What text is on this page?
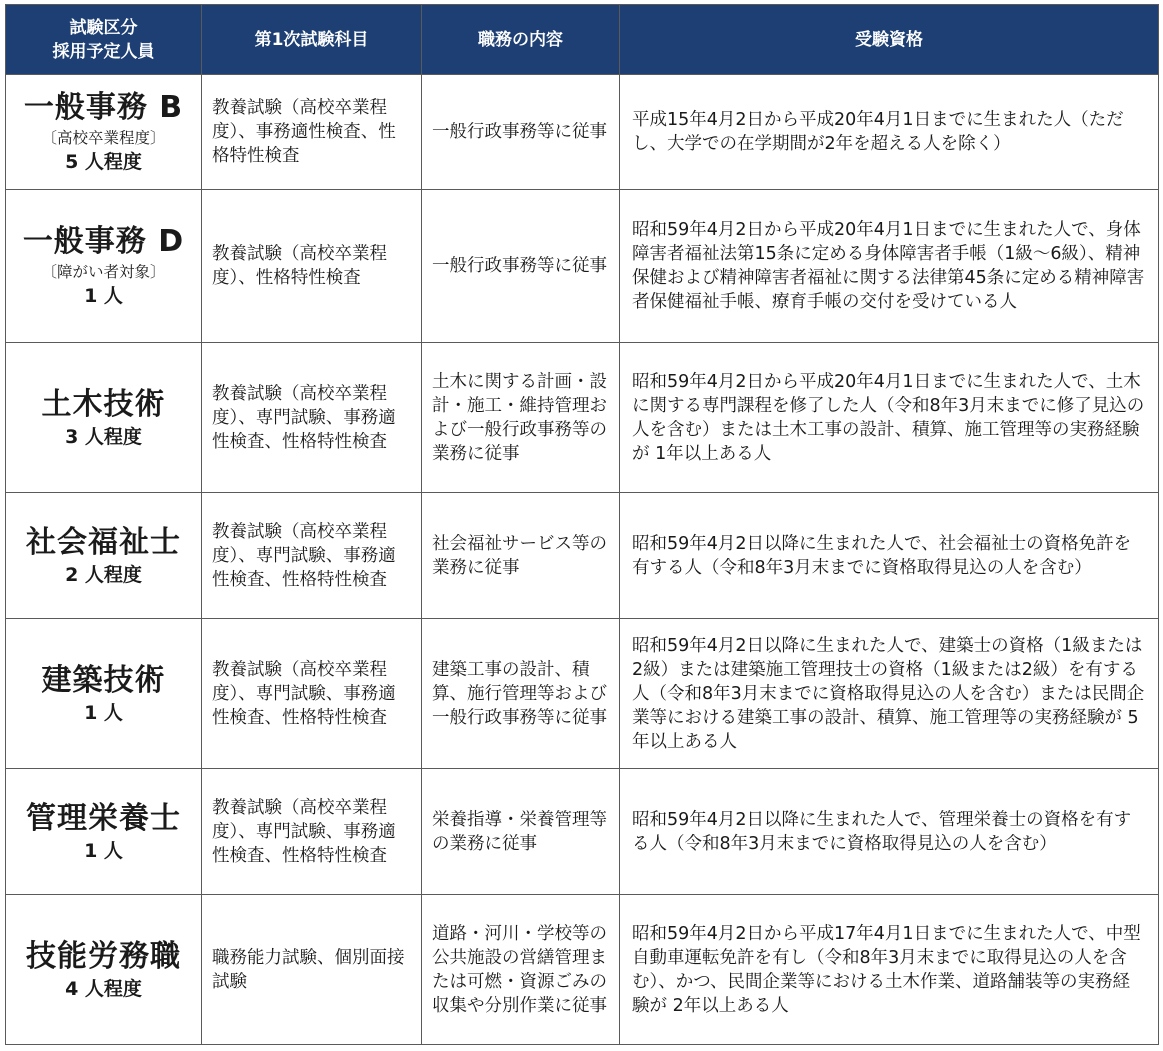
試験区分
採用予定人員	第1次試験科目	職務の内容	受験資格

一般事務 B
〔高校卒業程度〕
5 人程度	教養試験（高校卒業程度）、事務適性検査、性格特性検査	一般行政事務等に従事	平成15年4月2日から平成20年4月1日までに生まれた人（ただし、大学での在学期間が2年を超える人を除く）

一般事務 D
〔障がい者対象〕
1 人	教養試験（高校卒業程度）、性格特性検査	一般行政事務等に従事	昭和59年4月2日から平成20年4月1日までに生まれた人で、身体障害者福祉法第15条に定める身体障害者手帳（1級〜6級）、精神保健および精神障害者福祉に関する法律第45条に定める精神障害者保健福祉手帳、療育手帳の交付を受けている人

土木技術
3 人程度	教養試験（高校卒業程度）、専門試験、事務適性検査、性格特性検査	土木に関する計画・設計・施工・維持管理および一般行政事務等の業務に従事	昭和59年4月2日から平成20年4月1日までに生まれた人で、土木に関する専門課程を修了した人（令和8年3月末までに修了見込の人を含む）または土木工事の設計、積算、施工管理等の実務経験が 1年以上ある人

社会福祉士
2 人程度	教養試験（高校卒業程度）、専門試験、事務適性検査、性格特性検査	社会福祉サービス等の業務に従事	昭和59年4月2日以降に生まれた人で、社会福祉士の資格免許を有する人（令和8年3月末までに資格取得見込の人を含む）

建築技術
1 人	教養試験（高校卒業程度）、専門試験、事務適性検査、性格特性検査	建築工事の設計、積算、施行管理等および一般行政事務等に従事	昭和59年4月2日以降に生まれた人で、建築士の資格（1級または2級）または建築施工管理技士の資格（1級または2級）を有する人（令和8年3月末までに資格取得見込の人を含む）または民間企業等における建築工事の設計、積算、施工管理等の実務経験が 5年以上ある人

管理栄養士
1 人	教養試験（高校卒業程度）、専門試験、事務適性検査、性格特性検査	栄養指導・栄養管理等の業務に従事	昭和59年4月2日以降に生まれた人で、管理栄養士の資格を有する人（令和8年3月末までに資格取得見込の人を含む）

技能労務職
4 人程度	職務能力試験、個別面接試験	道路・河川・学校等の公共施設の営繕管理または可燃・資源ごみの収集や分別作業に従事	昭和59年4月2日から平成17年4月1日までに生まれた人で、中型自動車運転免許を有し（令和8年3月末までに取得見込の人を含む）、かつ、民間企業等における土木作業、道路舗装等の実務経験が 2年以上ある人
